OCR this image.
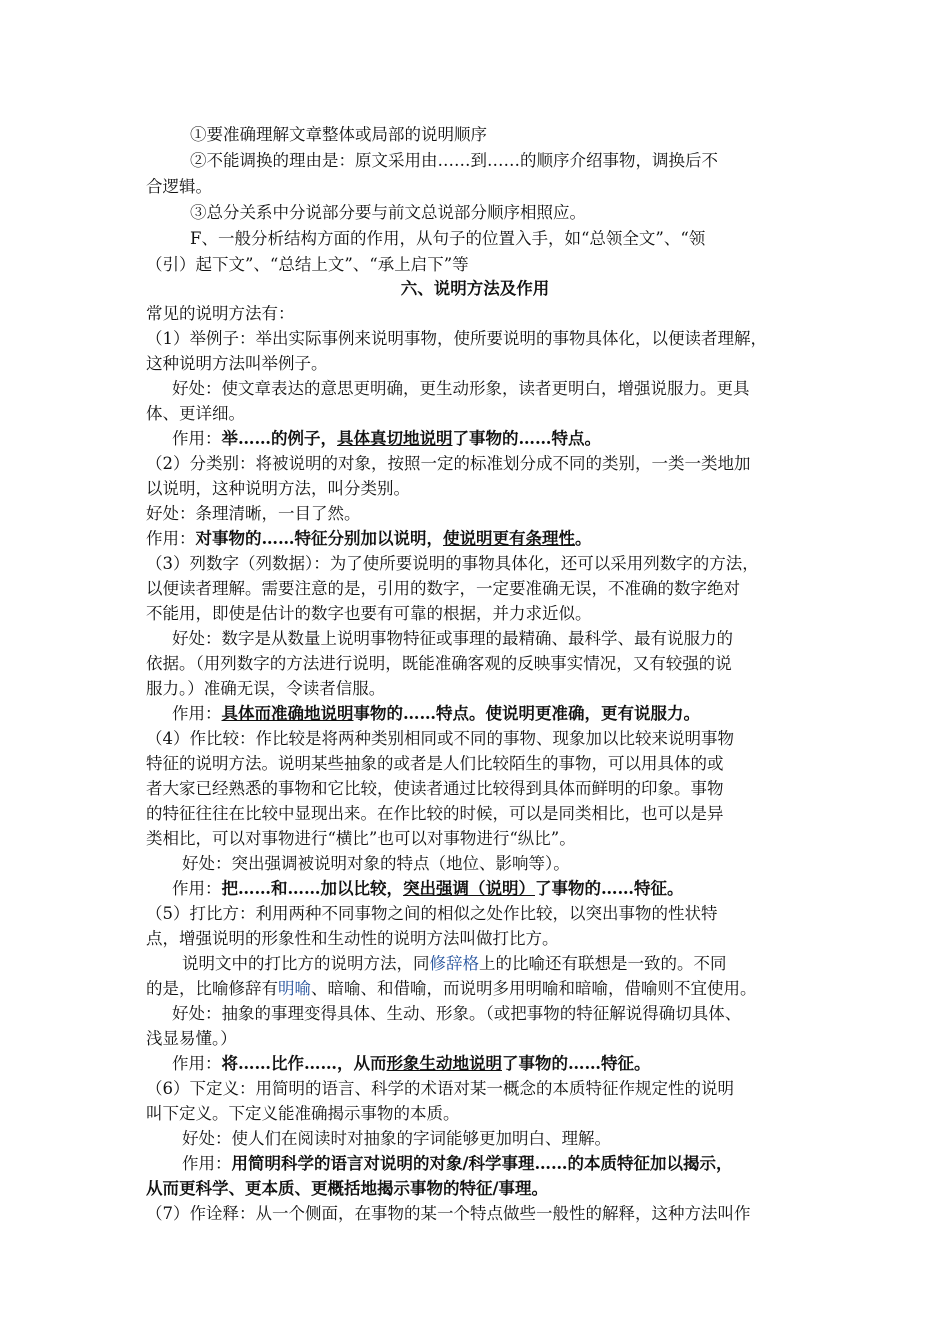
①要准确理解文章整体或局部的说明顺序
②不能调换的理由是：原文采用由……到……的顺序介绍事物，调换后不
合逻辑。
③总分关系中分说部分要与前文总说部分顺序相照应。
F、一般分析结构方面的作用，从句子的位置入手，如“总领全文”、“领
（引）起下文”、“总结上文”、“承上启下”等
六、说明方法及作用
常见的说明方法有：
（1）举例子：举出实际事例来说明事物，使所要说明的事物具体化，以便读者理解，
这种说明方法叫举例子。
好处：使文章表达的意思更明确，更生动形象，读者更明白，增强说服力。更具
体、更详细。
作用：举……的例子，具体真切地说明了事物的……特点。
（2）分类别：将被说明的对象，按照一定的标准划分成不同的类别，一类一类地加
以说明，这种说明方法，叫分类别。
好处：条理清晰，一目了然。
作用：对事物的……特征分别加以说明，使说明更有条理性。
（3）列数字（列数据）：为了使所要说明的事物具体化，还可以采用列数字的方法，
以便读者理解。需要注意的是，引用的数字，一定要准确无误，不准确的数字绝对
不能用，即使是估计的数字也要有可靠的根据，并力求近似。
好处：数字是从数量上说明事物特征或事理的最精确、最科学、最有说服力的
依据。（用列数字的方法进行说明，既能准确客观的反映事实情况，又有较强的说
服力。）准确无误，令读者信服。
作用：具体而准确地说明事物的……特点。使说明更准确，更有说服力。
（4）作比较：作比较是将两种类别相同或不同的事物、现象加以比较来说明事物
特征的说明方法。说明某些抽象的或者是人们比较陌生的事物，可以用具体的或
者大家已经熟悉的事物和它比较，使读者通过比较得到具体而鲜明的印象。事物
的特征往往在比较中显现出来。在作比较的时候，可以是同类相比，也可以是异
类相比，可以对事物进行“横比”也可以对事物进行“纵比”。
好处：突出强调被说明对象的特点（地位、影响等）。
作用：把……和……加以比较，突出强调（说明）了事物的……特征。
（5）打比方：利用两种不同事物之间的相似之处作比较，以突出事物的性状特
点，增强说明的形象性和生动性的说明方法叫做打比方。
说明文中的打比方的说明方法，同修辞格上的比喻还有联想是一致的。不同
的是，比喻修辞有明喻、暗喻、和借喻，而说明多用明喻和暗喻，借喻则不宜使用。
好处：抽象的事理变得具体、生动、形象。（或把事物的特征解说得确切具体、
浅显易懂。）
作用：将……比作……，从而形象生动地说明了事物的……特征。
（6）下定义：用简明的语言、科学的术语对某一概念的本质特征作规定性的说明
叫下定义。下定义能准确揭示事物的本质。
好处：使人们在阅读时对抽象的字词能够更加明白、理解。
作用：用简明科学的语言对说明的对象/科学事理……的本质特征加以揭示，
从而更科学、更本质、更概括地揭示事物的特征/事理。
（7）作诠释：从一个侧面，在事物的某一个特点做些一般性的解释，这种方法叫作
